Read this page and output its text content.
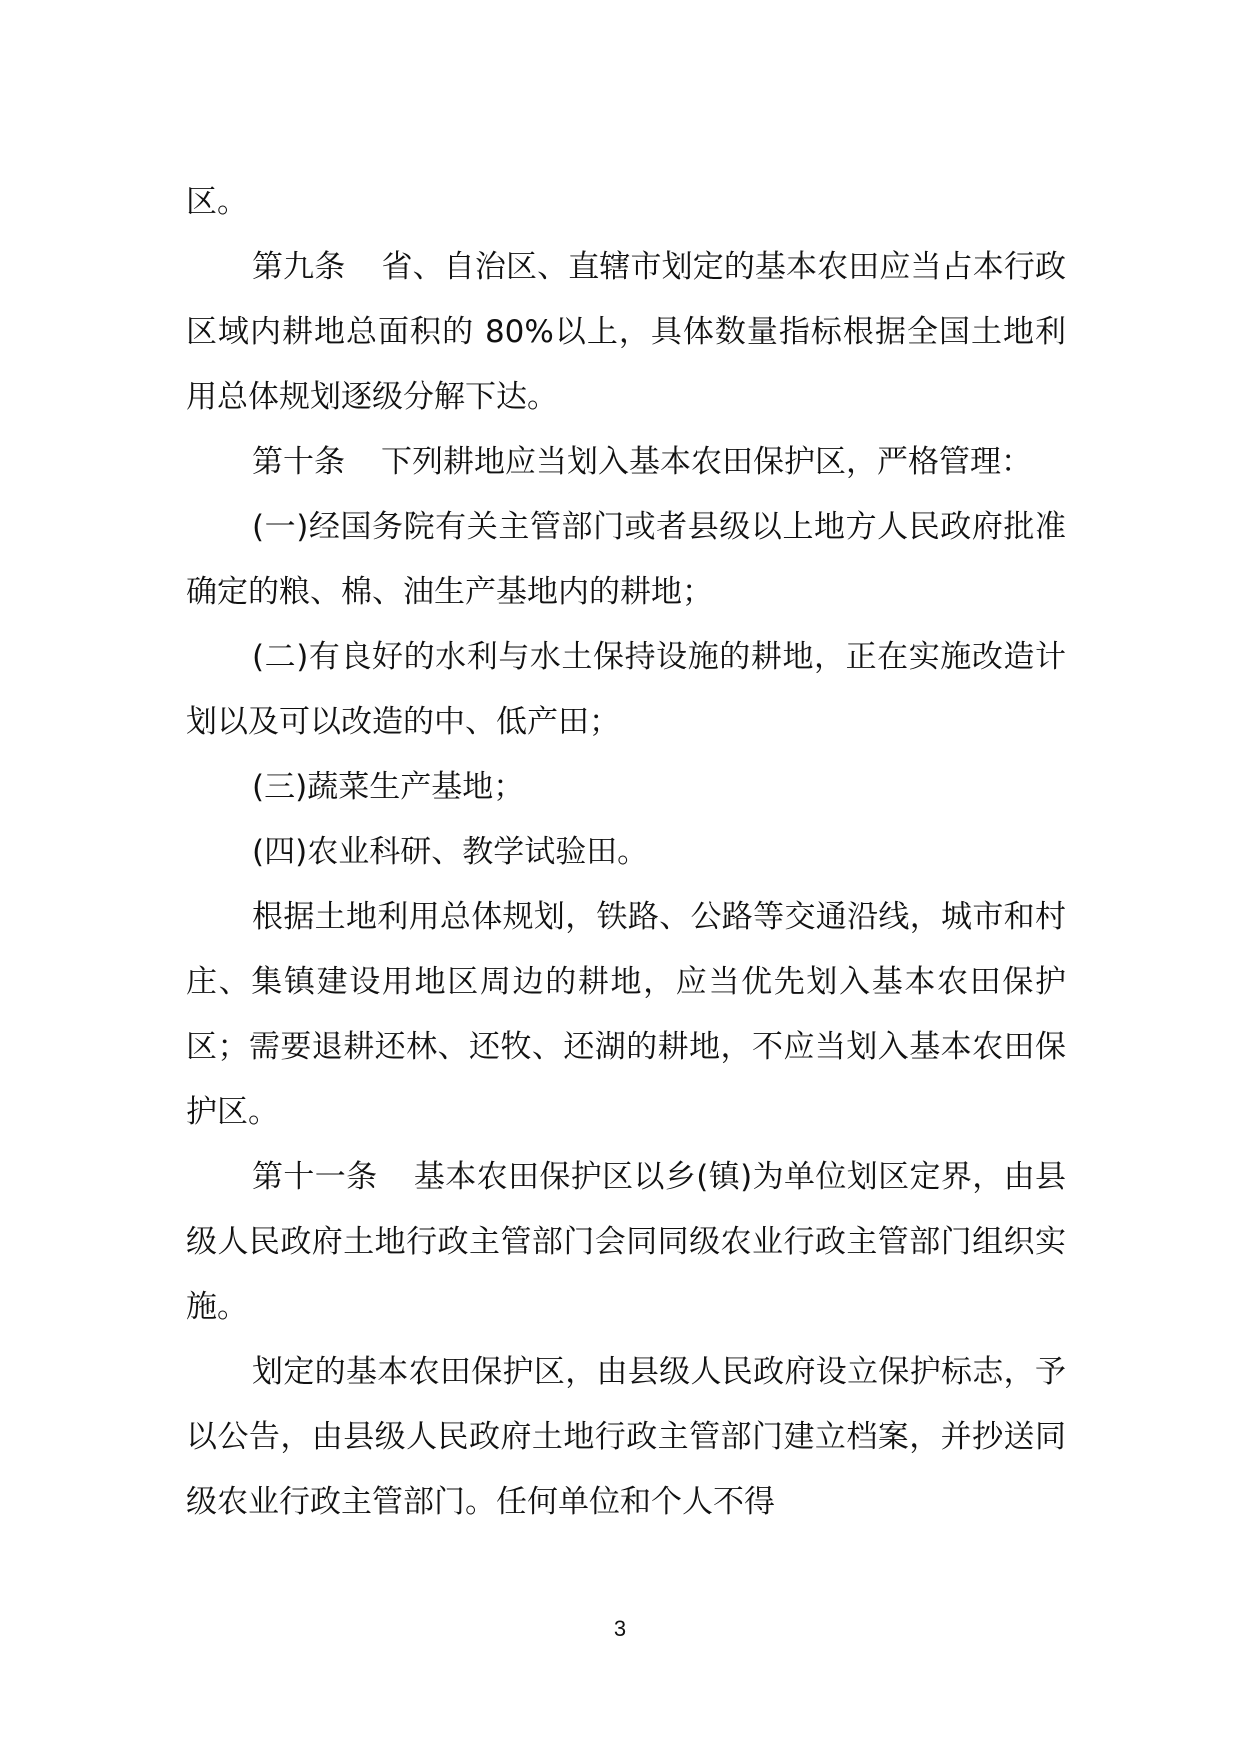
区。

第九条 省、自治区、直辖市划定的基本农田应当占本行政区域内耕地总面积的 80%以上，具体数量指标根据全国土地利用总体规划逐级分解下达。

第十条 下列耕地应当划入基本农田保护区，严格管理：

(一)经国务院有关主管部门或者县级以上地方人民政府批准确定的粮、棉、油生产基地内的耕地；

(二)有良好的水利与水土保持设施的耕地，正在实施改造计划以及可以改造的中、低产田；

(三)蔬菜生产基地；

(四)农业科研、教学试验田。

根据土地利用总体规划，铁路、公路等交通沿线，城市和村庄、集镇建设用地区周边的耕地，应当优先划入基本农田保护区；需要退耕还林、还牧、还湖的耕地，不应当划入基本农田保护区。

第十一条 基本农田保护区以乡(镇)为单位划区定界，由县级人民政府土地行政主管部门会同同级农业行政主管部门组织实施。

划定的基本农田保护区，由县级人民政府设立保护标志，予以公告，由县级人民政府土地行政主管部门建立档案，并抄送同级农业行政主管部门。任何单位和个人不得

3
